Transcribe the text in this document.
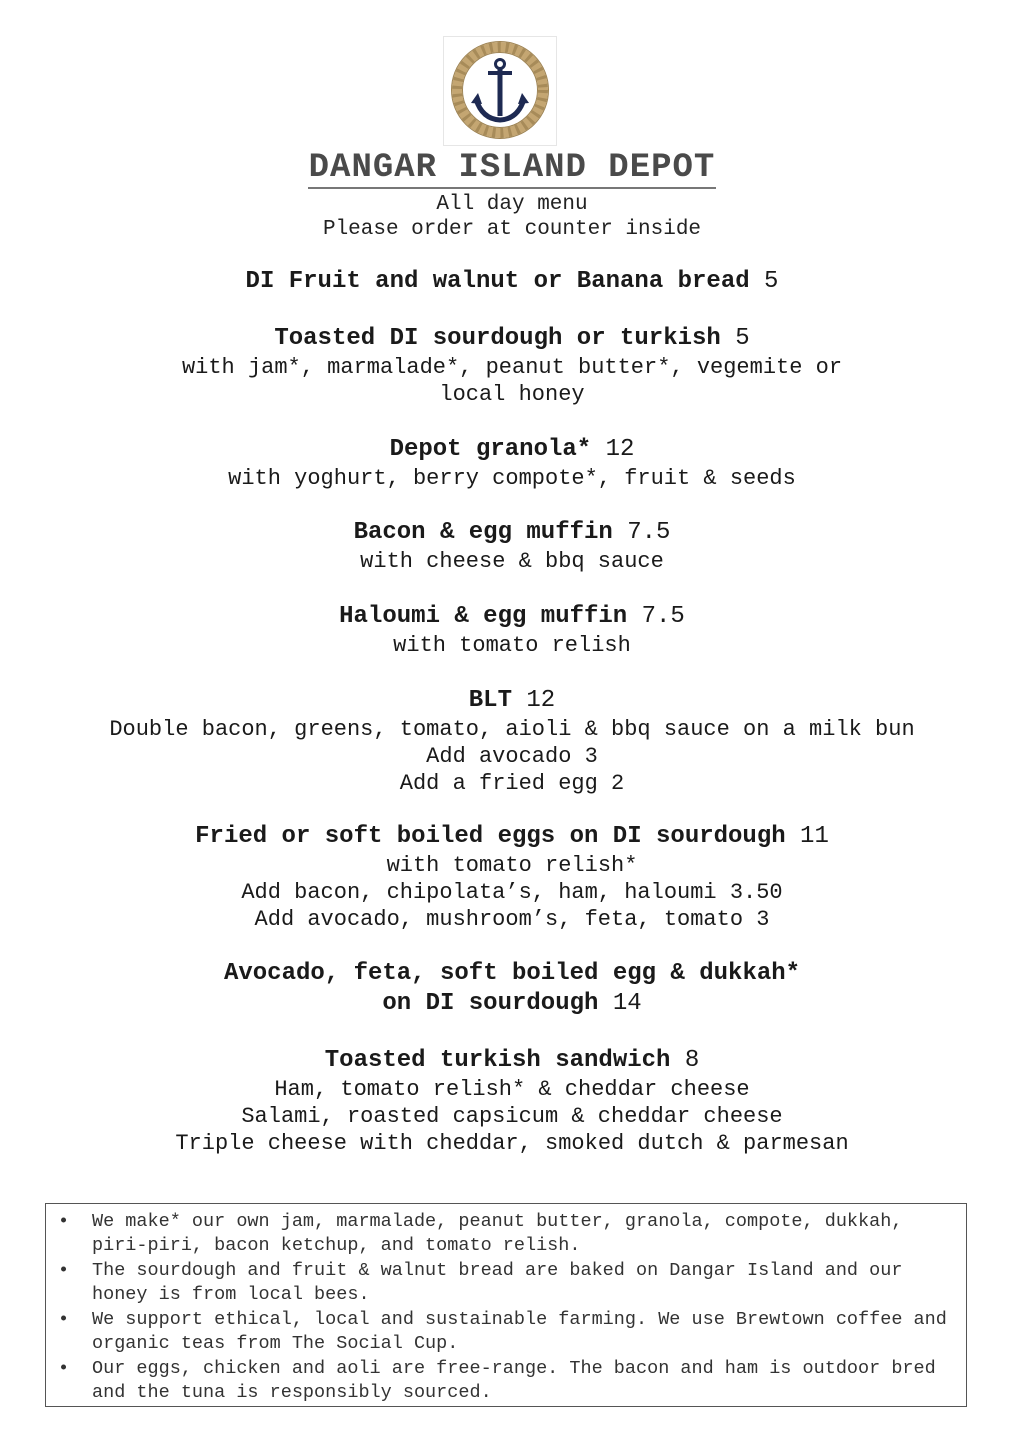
DANGAR ISLAND DEPOT
All day menu
Please order at counter inside
DI Fruit and walnut or Banana bread 5
Toasted DI sourdough or turkish 5
with jam*, marmalade*, peanut butter*, vegemite or
local honey
Depot granola* 12
with yoghurt, berry compote*, fruit & seeds
Bacon & egg muffin 7.5
with cheese & bbq sauce
Haloumi & egg muffin 7.5
with tomato relish
BLT 12
Double bacon, greens, tomato, aioli & bbq sauce on a milk bun
Add avocado 3
Add a fried egg 2
Fried or soft boiled eggs on DI sourdough 11
with tomato relish*
Add bacon, chipolata’s, ham, haloumi 3.50
Add avocado, mushroom’s, feta, tomato 3
Avocado, feta, soft boiled egg & dukkah*
on DI sourdough 14
Toasted turkish sandwich 8
Ham, tomato relish* & cheddar cheese
Salami, roasted capsicum & cheddar cheese
Triple cheese with cheddar, smoked dutch & parmesan
• We make* our own jam, marmalade, peanut butter, granola, compote, dukkah, piri-piri, bacon ketchup, and tomato relish.
• The sourdough and fruit & walnut bread are baked on Dangar Island and our honey is from local bees.
• We support ethical, local and sustainable farming. We use Brewtown coffee and organic teas from The Social Cup.
• Our eggs, chicken and aoli are free-range. The bacon and ham is outdoor bred and the tuna is responsibly sourced.
